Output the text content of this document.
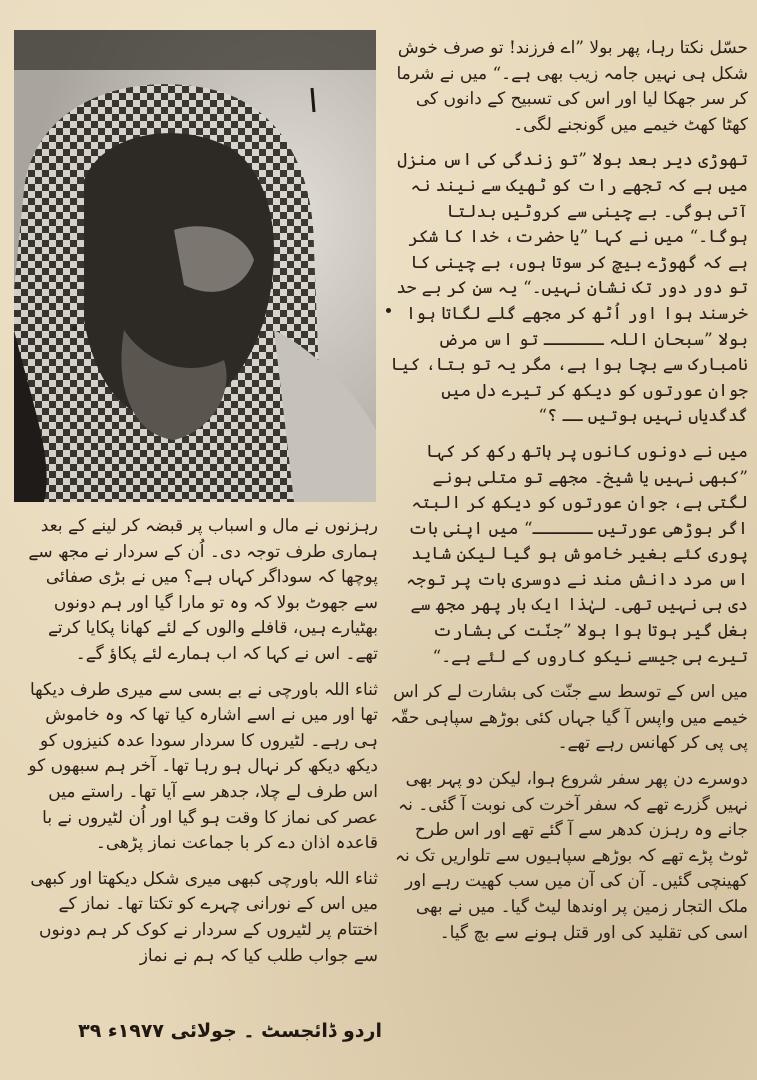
حسّل نکتا رہا، پھر بولا ”اے فرزند! تو صرف خوش شکل ہی نہیں جامہ زیب بھی ہے۔“ میں نے شرما کر سر جھکا لیا اور اس کی تسبیح کے دانوں کی کھٹا کھٹ خیمے میں گونجنے لگی۔

تھوڑی دیر بعد بولا ”تو زندگی کی اس منزل میں ہے کہ تجھے رات کو ٹھیک سے نیند نہ آتی ہوگی۔ بے چینی سے کروٹیں بدلتا ہوگا۔“ میں نے کہا ”یا حضرت، خدا کا شکر ہے کہ گھوڑے بیچ کر سوتا ہوں، بے چینی کا تو دور دور تک نشان نہیں۔“ یہ سن کر بے حد خرسند ہوا اور اُٹھ کر مجھے گلے لگاتا ہوا بولا ”سبحان اللہ ــــــ تو اس مرض نامبارک سے بچا ہوا ہے، مگر یہ تو بتا، کیا جوان عورتوں کو دیکھ کر تیرے دل میں گدگدیاں نہیں ہوتیں ــ ؟“

میں نے دونوں کانوں پر ہاتھ رکھ کر کہا ”کبھی نہیں یا شیخ۔ مجھے تو متلی ہونے لگتی ہے، جوان عورتوں کو دیکھ کر البتہ اگر بوڑھی عورتیں ــــــ“ میں اپنی بات پوری کئے بغیر خاموش ہو گیا لیکن شاید اس مرد دانش مند نے دوسری بات پر توجہ دی ہی نہیں تھی۔ لہٰذا ایک بار پھر مجھ سے بغل گیر ہوتا ہوا بولا ”جنّت کی بشارت تیرے ہی جیسے نیکو کاروں کے لئے ہے۔“

میں اس کے توسط سے جنّت کی بشارت لے کر اس خیمے میں واپس آ گیا جہاں کئی بوڑھے سپاہی حقّہ پی پی کر کھانس رہے تھے۔

دوسرے دن پھر سفر شروع ہوا، لیکن دو پہر بھی نہیں گزرے تھے کہ سفر آخرت کی نوبت آ گئی۔ نہ جانے وہ رہزن کدھر سے آ گئے تھے اور اس طرح ٹوٹ پڑے تھے کہ بوڑھے سپاہیوں سے تلواریں تک نہ کھینچی گئیں۔ آن کی آن میں سب کھیت رہے اور ملک التجار زمین پر اوندھا لیٹ گیا۔ میں نے بھی اسی کی تقلید کی اور قتل ہونے سے بچ گیا۔

رہزنوں نے مال و اسباب پر قبضہ کر لینے کے بعد ہماری طرف توجہ دی۔ اُن کے سردار نے مجھ سے پوچھا کہ سوداگر کہاں ہے؟ میں نے بڑی صفائی سے جھوٹ بولا کہ وہ تو مارا گیا اور ہم دونوں بھٹیارے ہیں، قافلے والوں کے لئے کھانا پکایا کرتے تھے۔ اس نے کہا کہ اب ہمارے لئے پکاؤ گے۔

ثناء اللہ باورچی نے بے بسی سے میری طرف دیکھا تھا اور میں نے اسے اشارہ کیا تھا کہ وہ خاموش ہی رہے۔ لٹیروں کا سردار سودا عدہ کنیزوں کو دیکھ دیکھ کر نہال ہو رہا تھا۔ آخر ہم سبھوں کو اس طرف لے چلا، جدھر سے آیا تھا۔ راستے میں عصر کی نماز کا وقت ہو گیا اور اُن لٹیروں نے با قاعدہ اذان دے کر با جماعت نماز پڑھی۔

ثناء اللہ باورچی کبھی میری شکل دیکھتا اور کبھی میں اس کے نورانی چہرے کو تکتا تھا۔ نماز کے اختتام پر لٹیروں کے سردار نے کوک کر ہم دونوں سے جواب طلب کیا کہ ہم نے نماز

اردو ڈائجسٹ ۔ جولائی ۱۹۷۷ء ۳۹
